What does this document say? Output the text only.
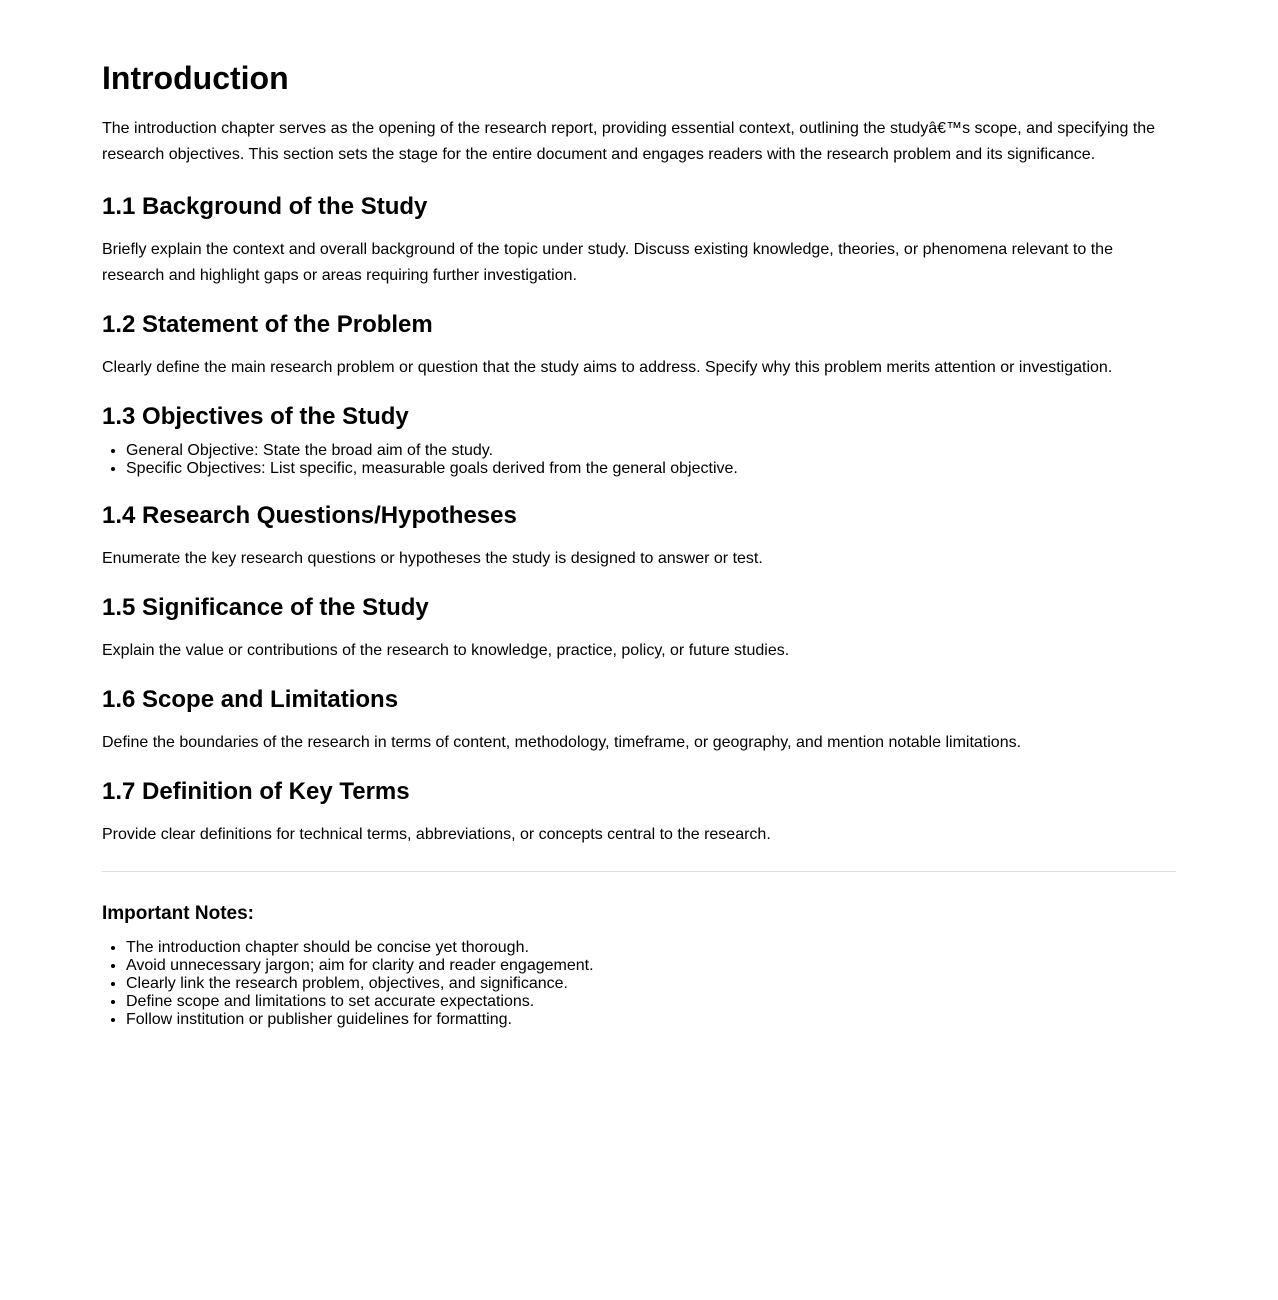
Introduction

The introduction chapter serves as the opening of the research report, providing essential context, outlining the studyâ€™s scope, and specifying the research objectives. This section sets the stage for the entire document and engages readers with the research problem and its significance.

1.1 Background of the Study

Briefly explain the context and overall background of the topic under study. Discuss existing knowledge, theories, or phenomena relevant to the research and highlight gaps or areas requiring further investigation.

1.2 Statement of the Problem

Clearly define the main research problem or question that the study aims to address. Specify why this problem merits attention or investigation.

1.3 Objectives of the Study
• General Objective: State the broad aim of the study.
• Specific Objectives: List specific, measurable goals derived from the general objective.
1.4 Research Questions/Hypotheses

Enumerate the key research questions or hypotheses the study is designed to answer or test.

1.5 Significance of the Study

Explain the value or contributions of the research to knowledge, practice, policy, or future studies.

1.6 Scope and Limitations

Define the boundaries of the research in terms of content, methodology, timeframe, or geography, and mention notable limitations.

1.7 Definition of Key Terms

Provide clear definitions for technical terms, abbreviations, or concepts central to the research.

Important Notes:
• The introduction chapter should be concise yet thorough.
• Avoid unnecessary jargon; aim for clarity and reader engagement.
• Clearly link the research problem, objectives, and significance.
• Define scope and limitations to set accurate expectations.
• Follow institution or publisher guidelines for formatting.
